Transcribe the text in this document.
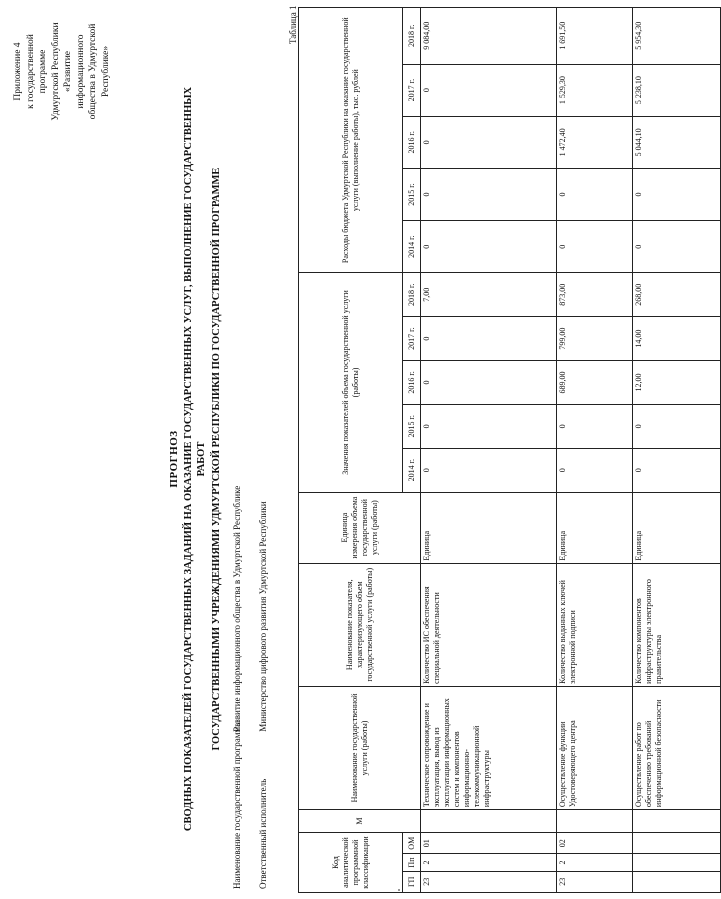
Приложение 4 к государственной программе Удмуртской Республики «Развитие информационного общества в Удмуртской Республике»
ПРОГНОЗ СВОДНЫХ ПОКАЗАТЕЛЕЙ ГОСУДАРСТВЕННЫХ ЗАДАНИЙ НА ОКАЗАНИЕ ГОСУДАРСТВЕННЫХ УСЛУГ, ВЫПОЛНЕНИЕ ГОСУДАРСТВЕННЫХ РАБОТ ГОСУДАРСТВЕННЫМИ УЧРЕЖДЕНИЯМИ УДМУРТСКОЙ РЕСПУБЛИКИ ПО ГОСУДАРСТВЕННОЙ ПРОГРАММЕ
Наименование государственной программы Развитие информационного общества в Удмуртской Республике
Ответственный исполнитель Министерство цифрового развития Удмуртской Республики
Таблица 1
Код аналитической программной классификации			М	Наименование государственной услуги (работы)	Наименование показателя, характеризующего объем государственной услуги (работы)	Единица измерения объема государственной услуги (работы)	Значения показателей объема государственной услуги (работы)					Расходы бюджета Удмуртской Республики на оказание государственной услуги (выполнение работы), тыс. рублей				
ГП	Пп	ОМ					2014 г.	2015 г.	2016 г.	2017 г.	2018 г.	2014 г.	2015 г.	2016 г.	2017 г.	2018 г.
23	2	01		Техническое сопровождение и эксплуатация, вывод из эксплуатации информационных систем и компонентов информационно-телекоммуникационной инфраструктуры	Количество ИС обеспечения специальной деятельности	Единица	0	0	0	0	7,00	0	0	0	0	9 084,00
23	2	02		Осуществление функции Удостоверяющего центра	Количество выданных ключей электронной подписи	Единица	0	0	689,00	799,00	873,00	0	0	1 472,40	1 529,30	1 691,50
				Осуществление работ по обеспечению требований информационной безопасности	Количество компонентов инфраструктуры электронного правительства	Единица	0	0	12,00	14,00	268,00	0	0	5 044,10	5 238,10	5 954,30
